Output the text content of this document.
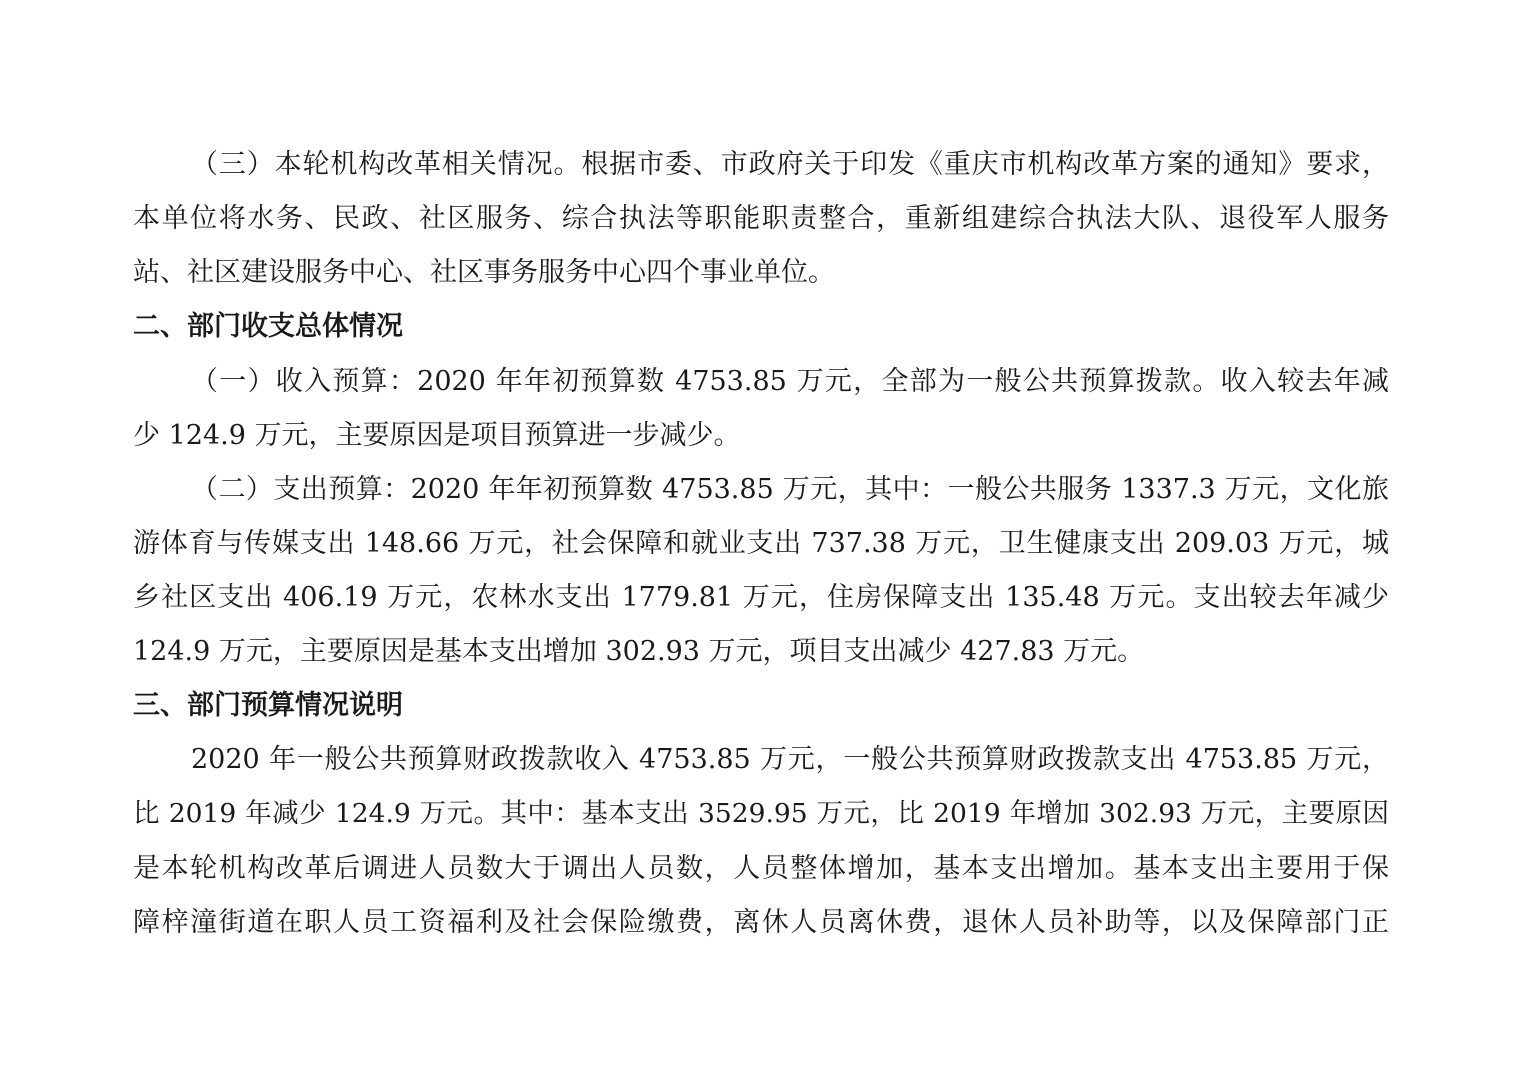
（三）本轮机构改革相关情况。根据市委、市政府关于印发《重庆市机构改革方案的通知》要求，
本单位将水务、民政、社区服务、综合执法等职能职责整合，重新组建综合执法大队、退役军人服务
站、社区建设服务中心、社区事务服务中心四个事业单位。
二、部门收支总体情况
（一）收入预算：2020 年年初预算数 4753.85 万元，全部为一般公共预算拨款。收入较去年减
少 124.9 万元，主要原因是项目预算进一步减少。
（二）支出预算：2020 年年初预算数 4753.85 万元，其中：一般公共服务 1337.3 万元，文化旅
游体育与传媒支出 148.66 万元，社会保障和就业支出 737.38 万元，卫生健康支出 209.03 万元，城
乡社区支出 406.19 万元，农林水支出 1779.81 万元，住房保障支出 135.48 万元。支出较去年减少
124.9 万元，主要原因是基本支出增加 302.93 万元，项目支出减少 427.83 万元。
三、部门预算情况说明
2020 年一般公共预算财政拨款收入 4753.85 万元，一般公共预算财政拨款支出 4753.85 万元，
比 2019 年减少 124.9 万元。其中：基本支出 3529.95 万元，比 2019 年增加 302.93 万元，主要原因
是本轮机构改革后调进人员数大于调出人员数，人员整体增加，基本支出增加。基本支出主要用于保
障梓潼街道在职人员工资福利及社会保险缴费，离休人员离休费，退休人员补助等，以及保障部门正
